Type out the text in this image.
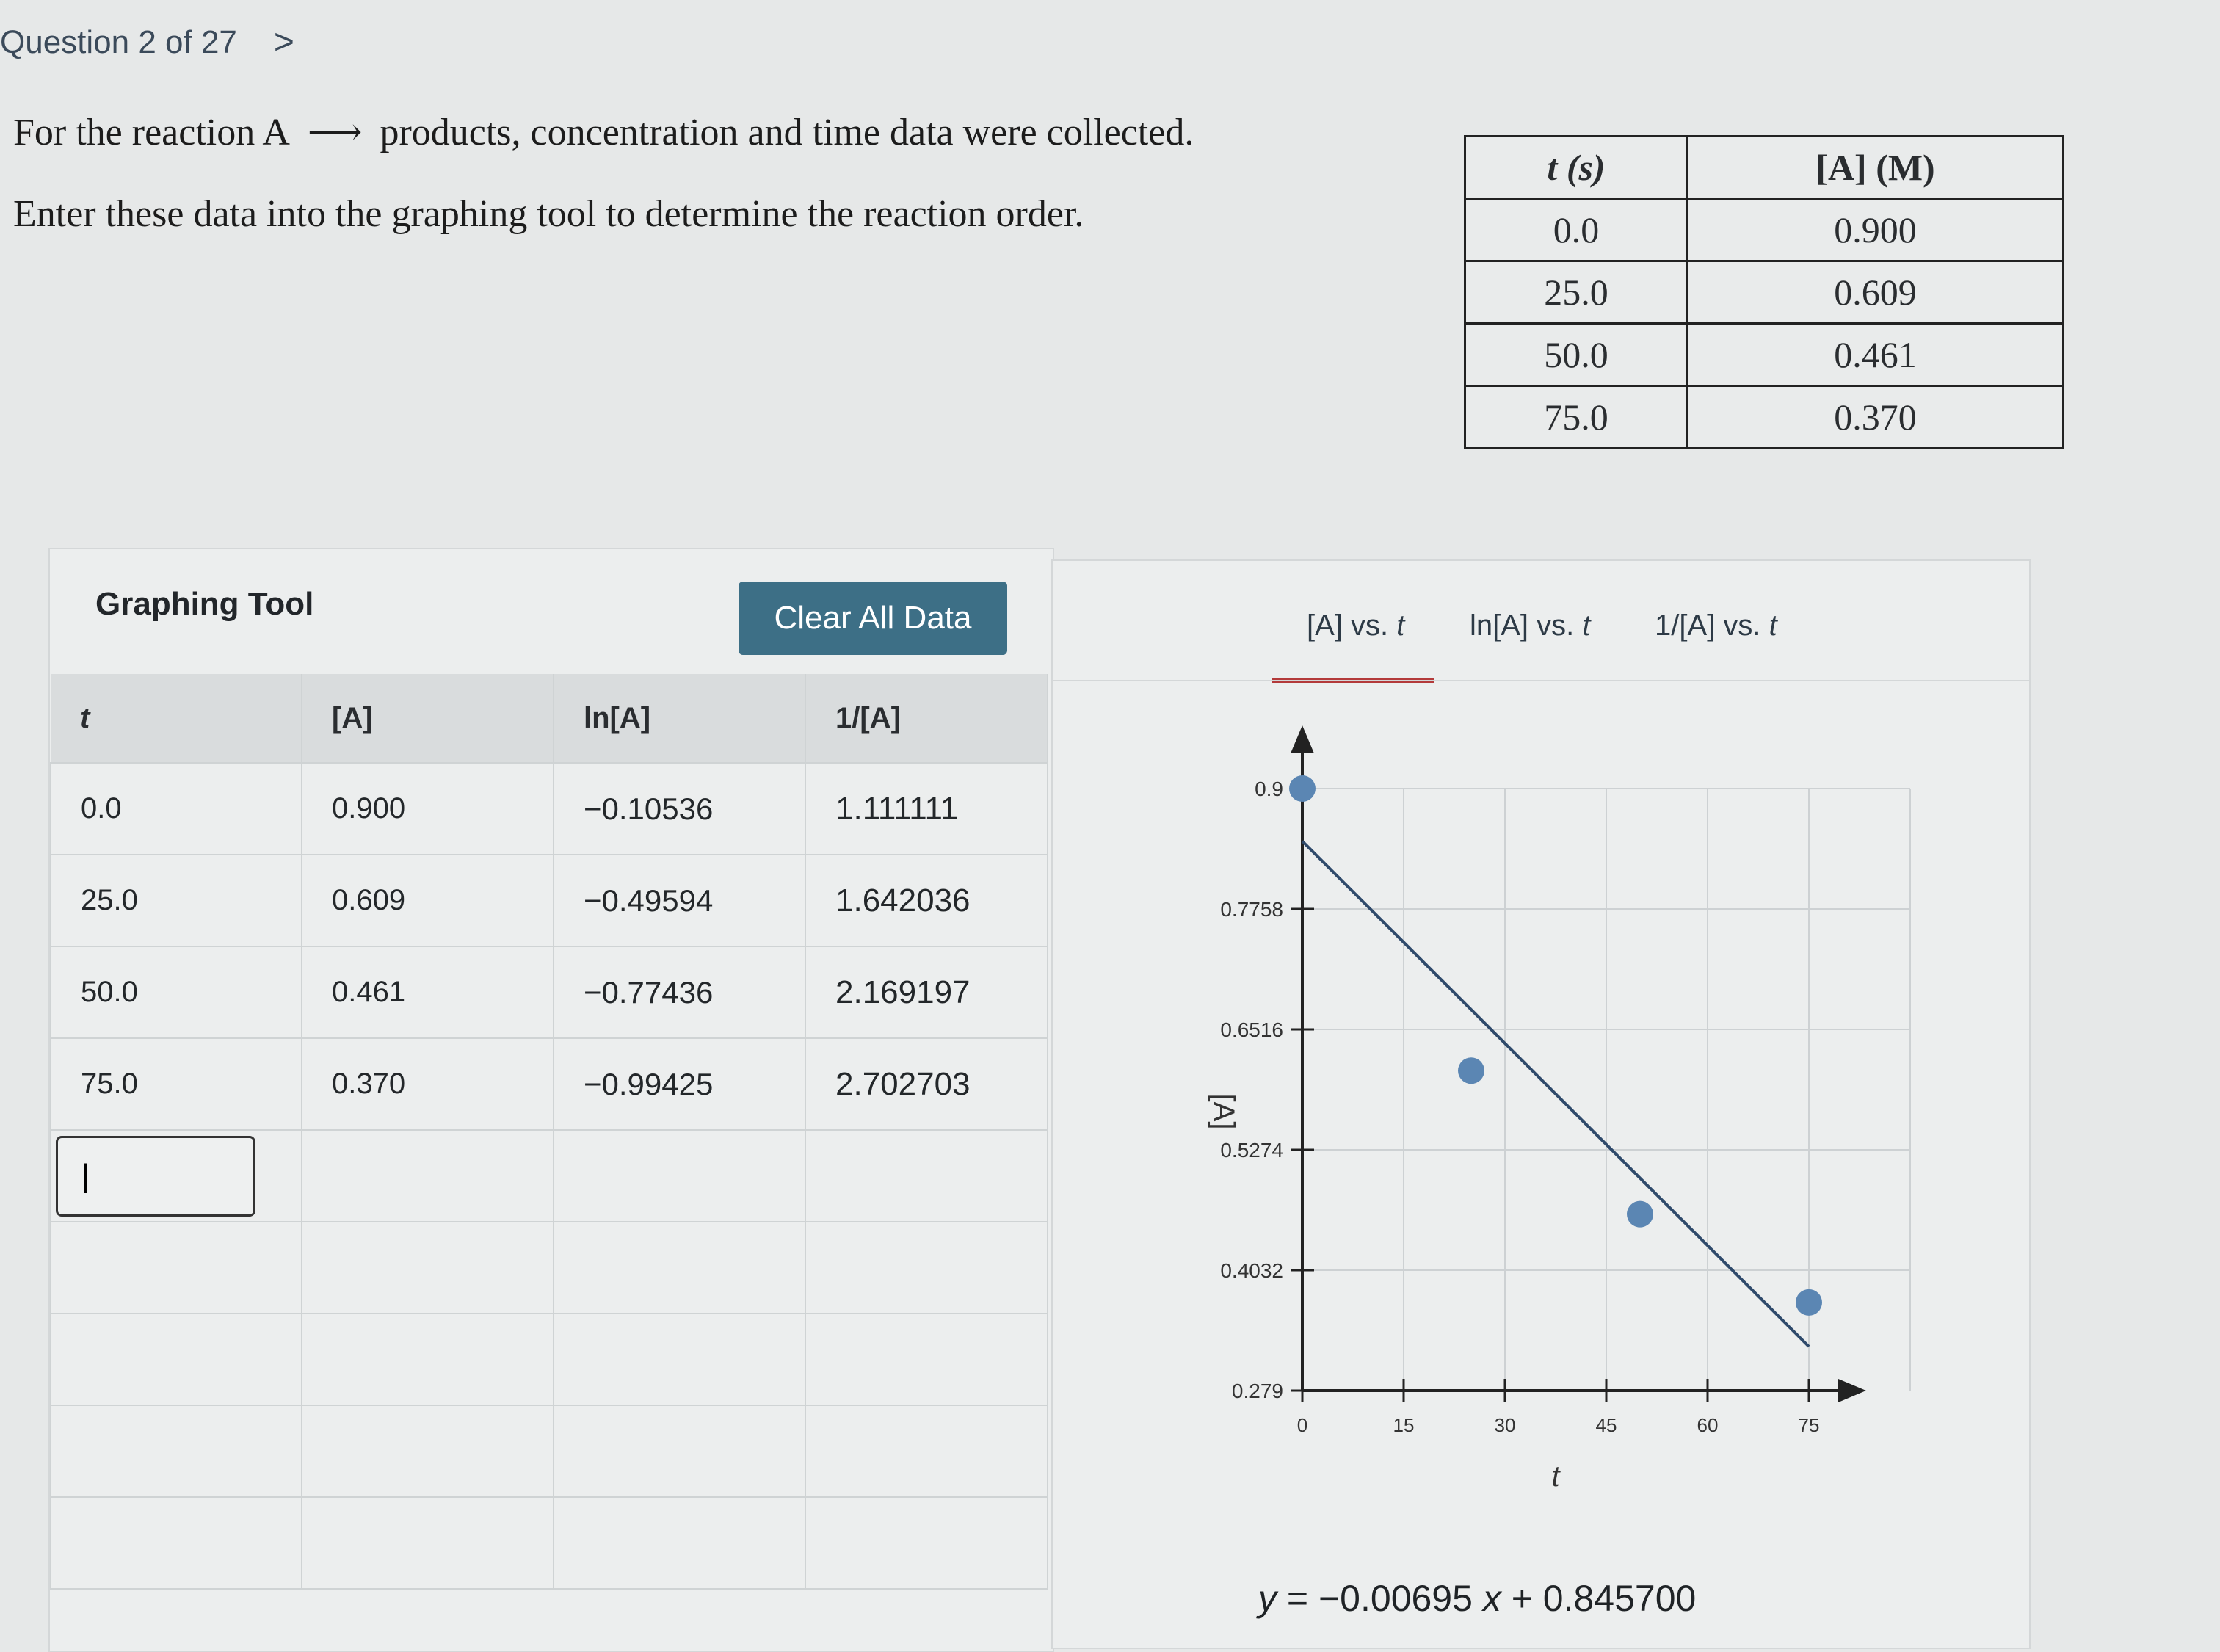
Question 2 of 27 >
For the reaction A ⟶ products, concentration and time data were collected.
Enter these data into the graphing tool to determine the reaction order.
t (s)	[A] (M)
0.0	0.900
25.0	0.609
50.0	0.461
75.0	0.370
Graphing Tool	Clear All Data
t	[A]	ln[A]	1/[A]
0.0	0.900	−0.10536	1.111111
25.0	0.609	−0.49594	1.642036
50.0	0.461	−0.77436	2.169197
75.0	0.370	−0.99425	2.702703
|			

[A] vs. t ln[A] vs. t 1/[A] vs. t
0	15	30	45	60	75
0.279
0.4032
0.5274
0.6516
0.7758
0.9
[A]
t
y = −0.00695 x + 0.845700
